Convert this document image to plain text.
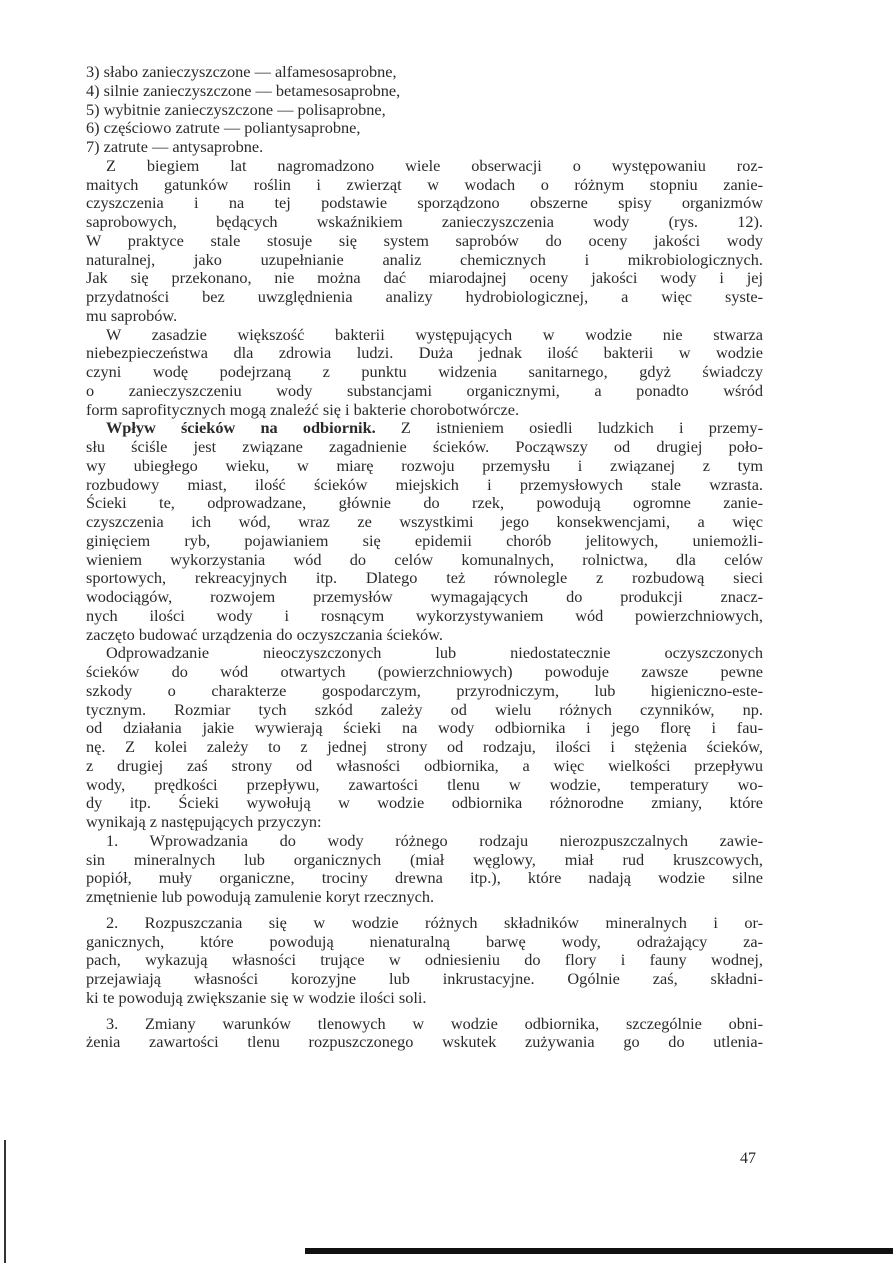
3) słabo zanieczyszczone — alfamesosaprobne,
4) silnie zanieczyszczone — betamesosaprobne,
5) wybitnie zanieczyszczone — polisaprobne,
6) częściowo zatrute — poliantysaprobne,
7) zatrute — antysaprobne.
Z biegiem lat nagromadzono wiele obserwacji o występowaniu roz-
maitych gatunków roślin i zwierząt w wodach o różnym stopniu zanie-
czyszczenia i na tej podstawie sporządzono obszerne spisy organizmów
saprobowych, będących wskaźnikiem zanieczyszczenia wody (rys. 12).
W praktyce stale stosuje się system saprobów do oceny jakości wody
naturalnej, jako uzupełnianie analiz chemicznych i mikrobiologicznych.
Jak się przekonano, nie można dać miarodajnej oceny jakości wody i jej
przydatności bez uwzględnienia analizy hydrobiologicznej, a więc syste-
mu saprobów.
W zasadzie większość bakterii występujących w wodzie nie stwarza
niebezpieczeństwa dla zdrowia ludzi. Duża jednak ilość bakterii w wodzie
czyni wodę podejrzaną z punktu widzenia sanitarnego, gdyż świadczy
o zanieczyszczeniu wody substancjami organicznymi, a ponadto wśród
form saprofitycznych mogą znaleźć się i bakterie chorobotwórcze.
Wpływ ścieków na odbiornik. Z istnieniem osiedli ludzkich i przemy-
słu ściśle jest związane zagadnienie ścieków. Począwszy od drugiej poło-
wy ubiegłego wieku, w miarę rozwoju przemysłu i związanej z tym
rozbudowy miast, ilość ścieków miejskich i przemysłowych stale wzrasta.
Ścieki te, odprowadzane, głównie do rzek, powodują ogromne zanie-
czyszczenia ich wód, wraz ze wszystkimi jego konsekwencjami, a więc
ginięciem ryb, pojawianiem się epidemii chorób jelitowych, uniemożli-
wieniem wykorzystania wód do celów komunalnych, rolnictwa, dla celów
sportowych, rekreacyjnych itp. Dlatego też równolegle z rozbudową sieci
wodociągów, rozwojem przemysłów wymagających do produkcji znacz-
nych ilości wody i rosnącym wykorzystywaniem wód powierzchniowych,
zaczęto budować urządzenia do oczyszczania ścieków.
Odprowadzanie nieoczyszczonych lub niedostatecznie oczyszczonych
ścieków do wód otwartych (powierzchniowych) powoduje zawsze pewne
szkody o charakterze gospodarczym, przyrodniczym, lub higieniczno-este-
tycznym. Rozmiar tych szkód zależy od wielu różnych czynników, np.
od działania jakie wywierają ścieki na wody odbiornika i jego florę i fau-
nę. Z kolei zależy to z jednej strony od rodzaju, ilości i stężenia ścieków,
z drugiej zaś strony od własności odbiornika, a więc wielkości przepływu
wody, prędkości przepływu, zawartości tlenu w wodzie, temperatury wo-
dy itp. Ścieki wywołują w wodzie odbiornika różnorodne zmiany, które
wynikają z następujących przyczyn:
1. Wprowadzania do wody różnego rodzaju nierozpuszczalnych zawie-
sin mineralnych lub organicznych (miał węglowy, miał rud kruszcowych,
popiół, muły organiczne, trociny drewna itp.), które nadają wodzie silne
zmętnienie lub powodują zamulenie koryt rzecznych.
2. Rozpuszczania się w wodzie różnych składników mineralnych i or-
ganicznych, które powodują nienaturalną barwę wody, odrażający za-
pach, wykazują własności trujące w odniesieniu do flory i fauny wodnej,
przejawiają własności korozyjne lub inkrustacyjne. Ogólnie zaś, składni-
ki te powodują zwiększanie się w wodzie ilości soli.
3. Zmiany warunków tlenowych w wodzie odbiornika, szczególnie obni-
żenia zawartości tlenu rozpuszczonego wskutek zużywania go do utlenia-
47
